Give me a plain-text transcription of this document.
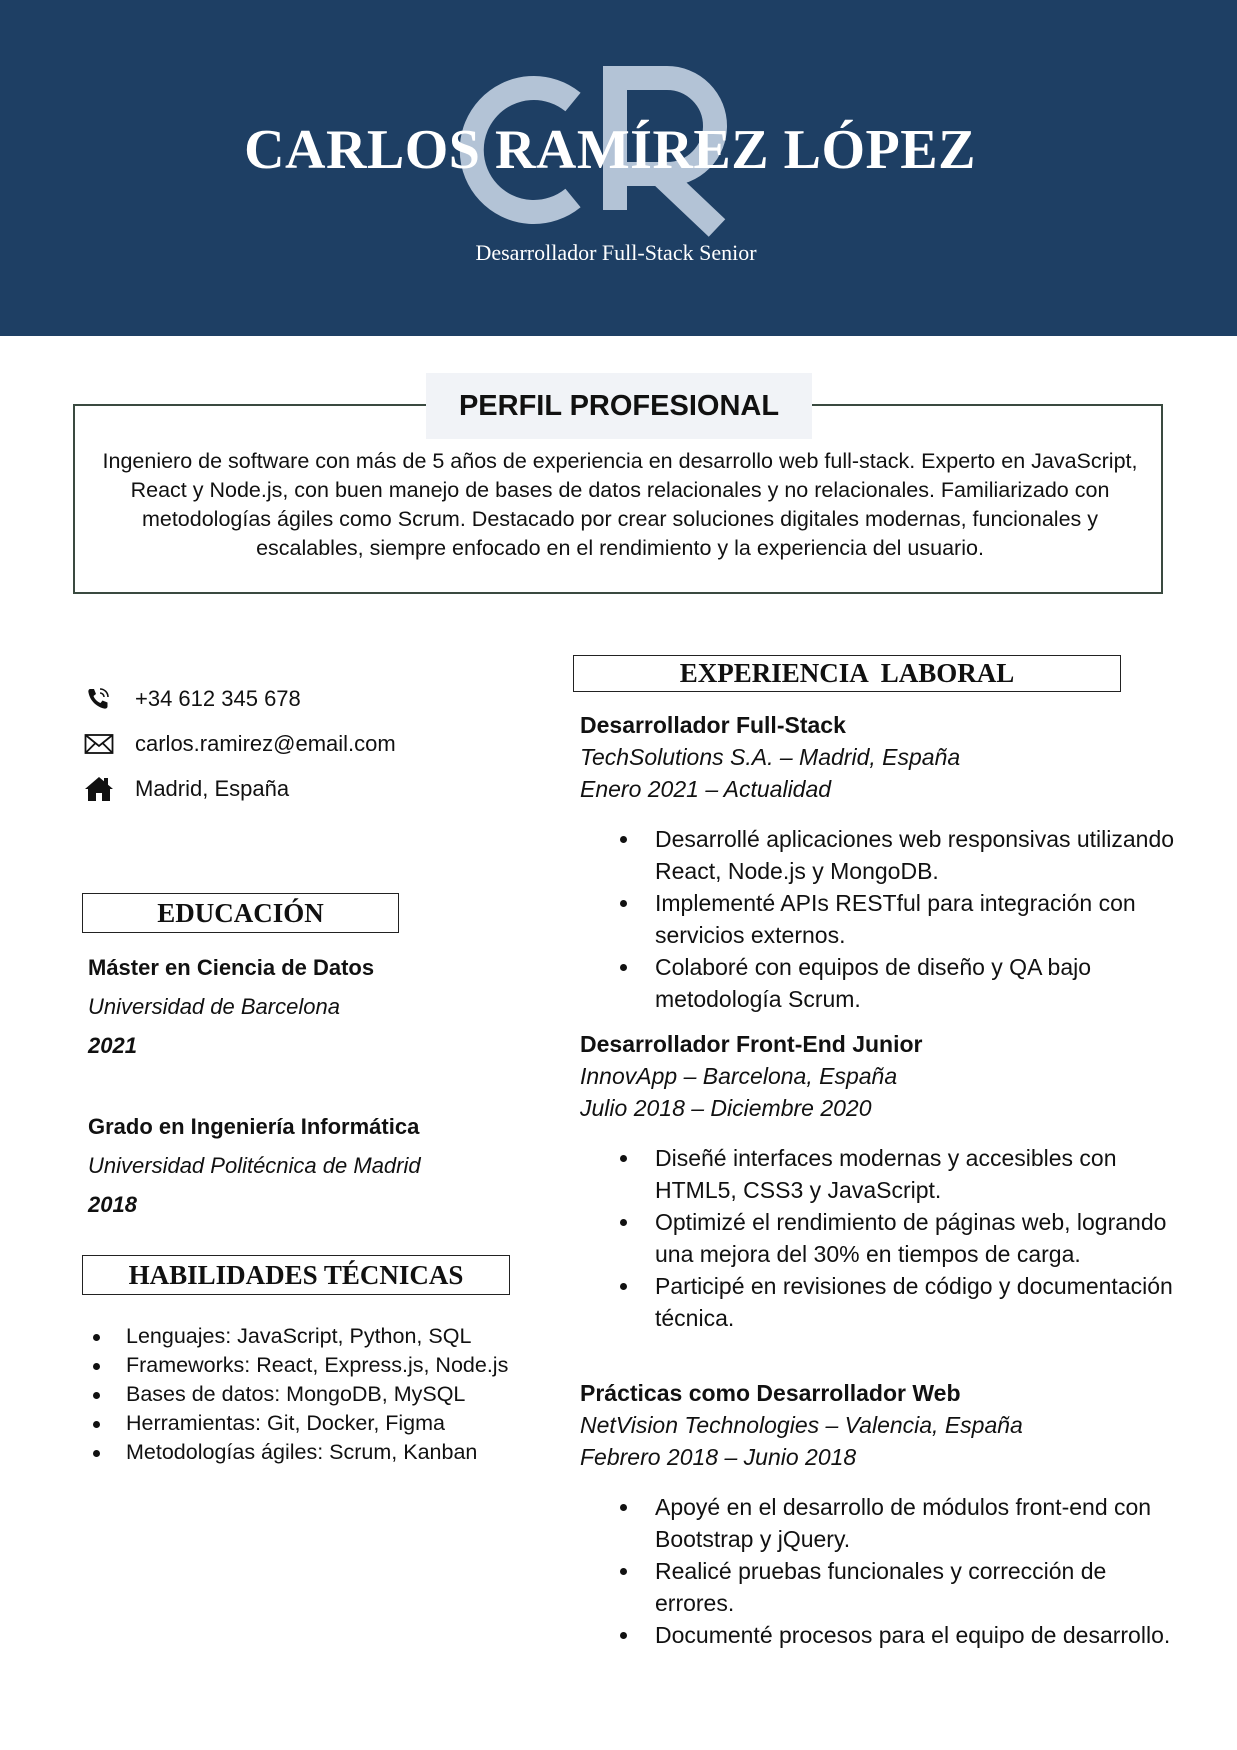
CARLOS RAMÍREZ LÓPEZ
Desarrollador Full-Stack Senior
PERFIL PROFESIONAL
Ingeniero de software con más de 5 años de experiencia en desarrollo web full-stack. Experto en JavaScript, React y Node.js, con buen manejo de bases de datos relacionales y no relacionales. Familiarizado con metodologías ágiles como Scrum. Destacado por crear soluciones digitales modernas, funcionales y escalables, siempre enfocado en el rendimiento y la experiencia del usuario.
+34 612 345 678
carlos.ramirez@email.com
Madrid, España
EDUCACIÓN
Máster en Ciencia de Datos
Universidad de Barcelona
2021
Grado en Ingeniería Informática
Universidad Politécnica de Madrid
2018
HABILIDADES TÉCNICAS
Lenguajes: JavaScript, Python, SQL
Frameworks: React, Express.js, Node.js
Bases de datos: MongoDB, MySQL
Herramientas: Git, Docker, Figma
Metodologías ágiles: Scrum, Kanban
EXPERIENCIA  LABORAL
Desarrollador Full-Stack
TechSolutions S.A. – Madrid, España
Enero 2021 – Actualidad
Desarrollé aplicaciones web responsivas utilizando React, Node.js y MongoDB.
Implementé APIs RESTful para integración con servicios externos.
Colaboré con equipos de diseño y QA bajo metodología Scrum.
Desarrollador Front-End Junior
InnovApp – Barcelona, España
Julio 2018 – Diciembre 2020
Diseñé interfaces modernas y accesibles con HTML5, CSS3 y JavaScript.
Optimizé el rendimiento de páginas web, logrando una mejora del 30% en tiempos de carga.
Participé en revisiones de código y documentación técnica.
Prácticas como Desarrollador Web
NetVision Technologies – Valencia, España
Febrero 2018 – Junio 2018
Apoyé en el desarrollo de módulos front-end con Bootstrap y jQuery.
Realicé pruebas funcionales y corrección de errores.
Documenté procesos para el equipo de desarrollo.
